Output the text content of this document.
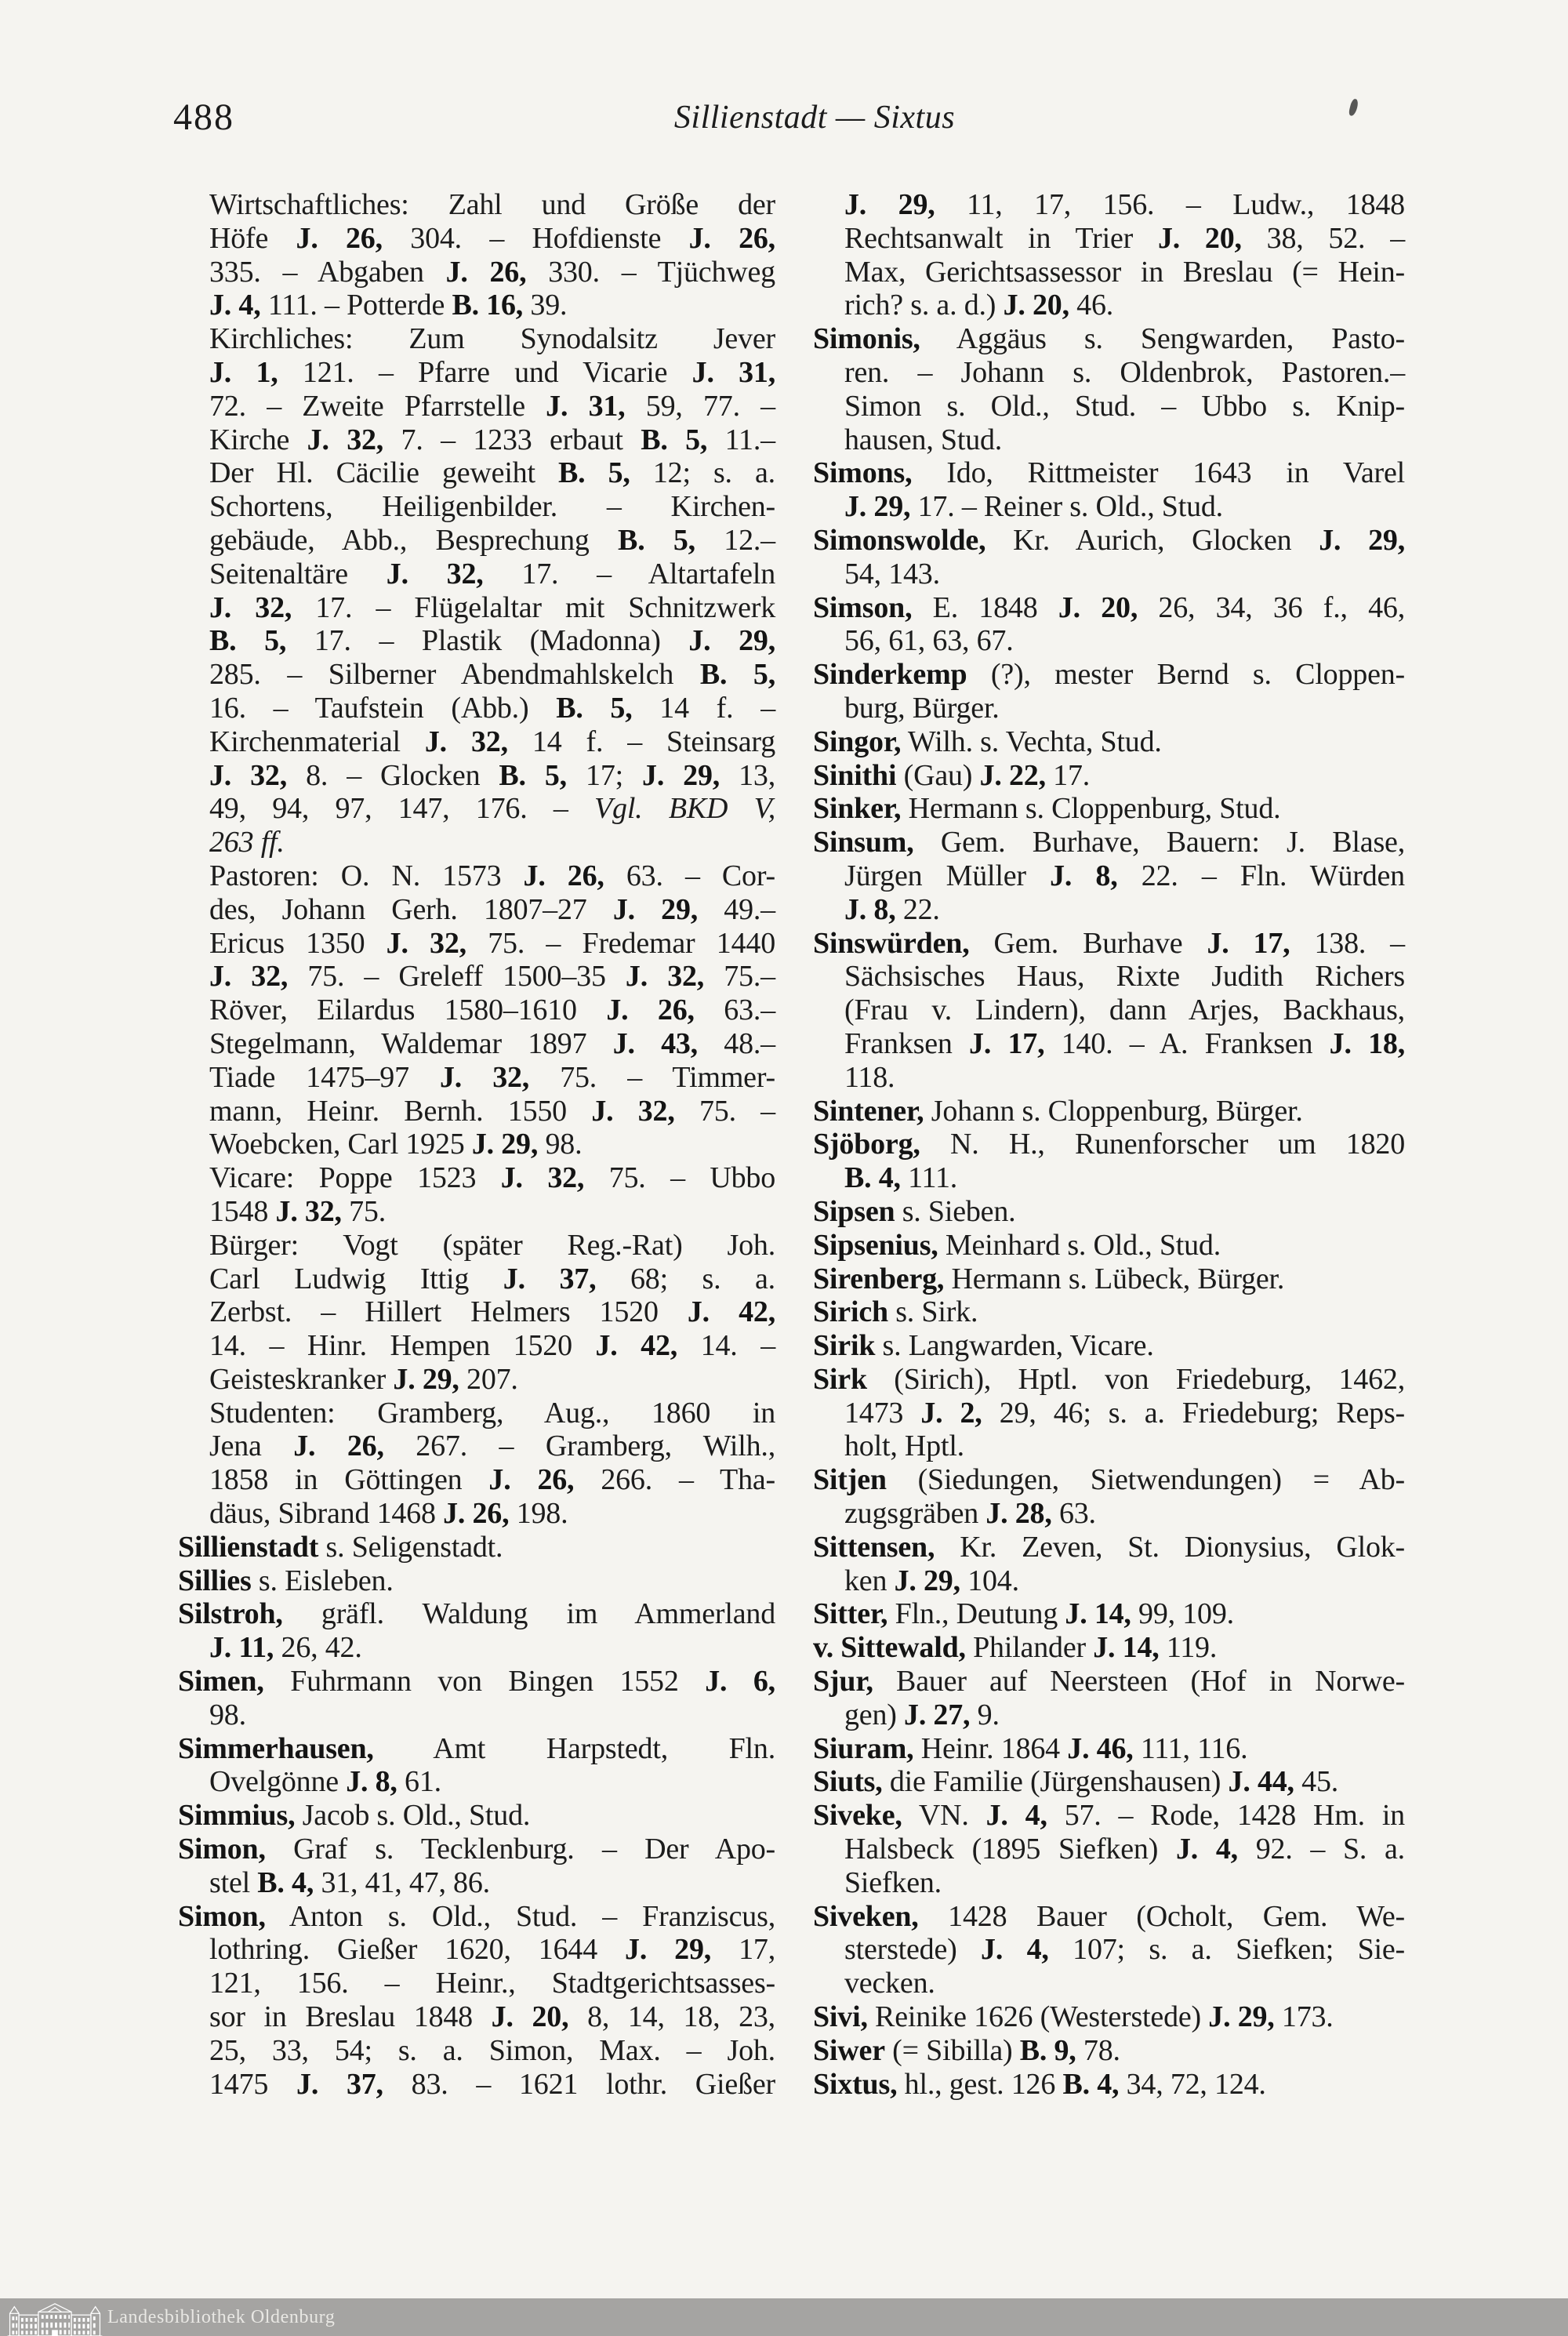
488	Sillienstadt — Sixtus
Wirtschaftliches: Zahl und Größe der
Höfe J. 26, 304. – Hofdienste J. 26,
335. – Abgaben J. 26, 330. – Tjüchweg
J. 4, 111. – Potterde B. 16, 39.
Kirchliches: Zum Synodalsitz Jever
J. 1, 121. – Pfarre und Vicarie J. 31,
72. – Zweite Pfarrstelle J. 31, 59, 77. –
Kirche J. 32, 7. – 1233 erbaut B. 5, 11.–
Der Hl. Cäcilie geweiht B. 5, 12; s. a.
Schortens, Heiligenbilder. – Kirchen-
gebäude, Abb., Besprechung B. 5, 12.–
Seitenaltäre J. 32, 17. – Altartafeln
J. 32, 17. – Flügelaltar mit Schnitzwerk
B. 5, 17. – Plastik (Madonna) J. 29,
285. – Silberner Abendmahlskelch B. 5,
16. – Taufstein (Abb.) B. 5, 14 f. –
Kirchenmaterial J. 32, 14 f. – Steinsarg
J. 32, 8. – Glocken B. 5, 17; J. 29, 13,
49, 94, 97, 147, 176. – Vgl. BKD V,
263 ff.
Pastoren: O. N. 1573 J. 26, 63. – Cor-
des, Johann Gerh. 1807–27 J. 29, 49.–
Ericus 1350 J. 32, 75. – Fredemar 1440
J. 32, 75. – Greleff 1500–35 J. 32, 75.–
Röver, Eilardus 1580–1610 J. 26, 63.–
Stegelmann, Waldemar 1897 J. 43, 48.–
Tiade 1475–97 J. 32, 75. – Timmer-
mann, Heinr. Bernh. 1550 J. 32, 75. –
Woebcken, Carl 1925 J. 29, 98.
Vicare: Poppe 1523 J. 32, 75. – Ubbo
1548 J. 32, 75.
Bürger: Vogt (später Reg.-Rat) Joh.
Carl Ludwig Ittig J. 37, 68; s. a.
Zerbst. – Hillert Helmers 1520 J. 42,
14. – Hinr. Hempen 1520 J. 42, 14. –
Geisteskranker J. 29, 207.
Studenten: Gramberg, Aug., 1860 in
Jena J. 26, 267. – Gramberg, Wilh.,
1858 in Göttingen J. 26, 266. – Tha-
däus, Sibrand 1468 J. 26, 198.
Sillienstadt s. Seligenstadt.
Sillies s. Eisleben.
Silstroh, gräfl. Waldung im Ammerland
J. 11, 26, 42.
Simen, Fuhrmann von Bingen 1552 J. 6,
98.
Simmerhausen, Amt Harpstedt, Fln.
Ovelgönne J. 8, 61.
Simmius, Jacob s. Old., Stud.
Simon, Graf s. Tecklenburg. – Der Apo-
stel B. 4, 31, 41, 47, 86.
Simon, Anton s. Old., Stud. – Franziscus,
lothring. Gießer 1620, 1644 J. 29, 17,
121, 156. – Heinr., Stadtgerichtsasses-
sor in Breslau 1848 J. 20, 8, 14, 18, 23,
25, 33, 54; s. a. Simon, Max. – Joh.
1475 J. 37, 83. – 1621 lothr. Gießer
J. 29, 11, 17, 156. – Ludw., 1848
Rechtsanwalt in Trier J. 20, 38, 52. –
Max, Gerichtsassessor in Breslau (= Hein-
rich? s. a. d.) J. 20, 46.
Simonis, Aggäus s. Sengwarden, Pasto-
ren. – Johann s. Oldenbrok, Pastoren.–
Simon s. Old., Stud. – Ubbo s. Knip-
hausen, Stud.
Simons, Ido, Rittmeister 1643 in Varel
J. 29, 17. – Reiner s. Old., Stud.
Simonswolde, Kr. Aurich, Glocken J. 29,
54, 143.
Simson, E. 1848 J. 20, 26, 34, 36 f., 46,
56, 61, 63, 67.
Sinderkemp (?), mester Bernd s. Cloppen-
burg, Bürger.
Singor, Wilh. s. Vechta, Stud.
Sinithi (Gau) J. 22, 17.
Sinker, Hermann s. Cloppenburg, Stud.
Sinsum, Gem. Burhave, Bauern: J. Blase,
Jürgen Müller J. 8, 22. – Fln. Würden
J. 8, 22.
Sinswürden, Gem. Burhave J. 17, 138. –
Sächsisches Haus, Rixte Judith Richers
(Frau v. Lindern), dann Arjes, Backhaus,
Franksen J. 17, 140. – A. Franksen J. 18,
118.
Sintener, Johann s. Cloppenburg, Bürger.
Sjöborg, N. H., Runenforscher um 1820
B. 4, 111.
Sipsen s. Sieben.
Sipsenius, Meinhard s. Old., Stud.
Sirenberg, Hermann s. Lübeck, Bürger.
Sirich s. Sirk.
Sirik s. Langwarden, Vicare.
Sirk (Sirich), Hptl. von Friedeburg, 1462,
1473 J. 2, 29, 46; s. a. Friedeburg; Reps-
holt, Hptl.
Sitjen (Siedungen, Sietwendungen) = Ab-
zugsgräben J. 28, 63.
Sittensen, Kr. Zeven, St. Dionysius, Glok-
ken J. 29, 104.
Sitter, Fln., Deutung J. 14, 99, 109.
v. Sittewald, Philander J. 14, 119.
Sjur, Bauer auf Neersteen (Hof in Norwe-
gen) J. 27, 9.
Siuram, Heinr. 1864 J. 46, 111, 116.
Siuts, die Familie (Jürgenshausen) J. 44, 45.
Siveke, VN. J. 4, 57. – Rode, 1428 Hm. in
Halsbeck (1895 Siefken) J. 4, 92. – S. a.
Siefken.
Siveken, 1428 Bauer (Ocholt, Gem. We-
sterstede) J. 4, 107; s. a. Siefken; Sie-
vecken.
Sivi, Reinike 1626 (Westerstede) J. 29, 173.
Siwer (= Sibilla) B. 9, 78.
Sixtus, hl., gest. 126 B. 4, 34, 72, 124.
Landesbibliothek Oldenburg
